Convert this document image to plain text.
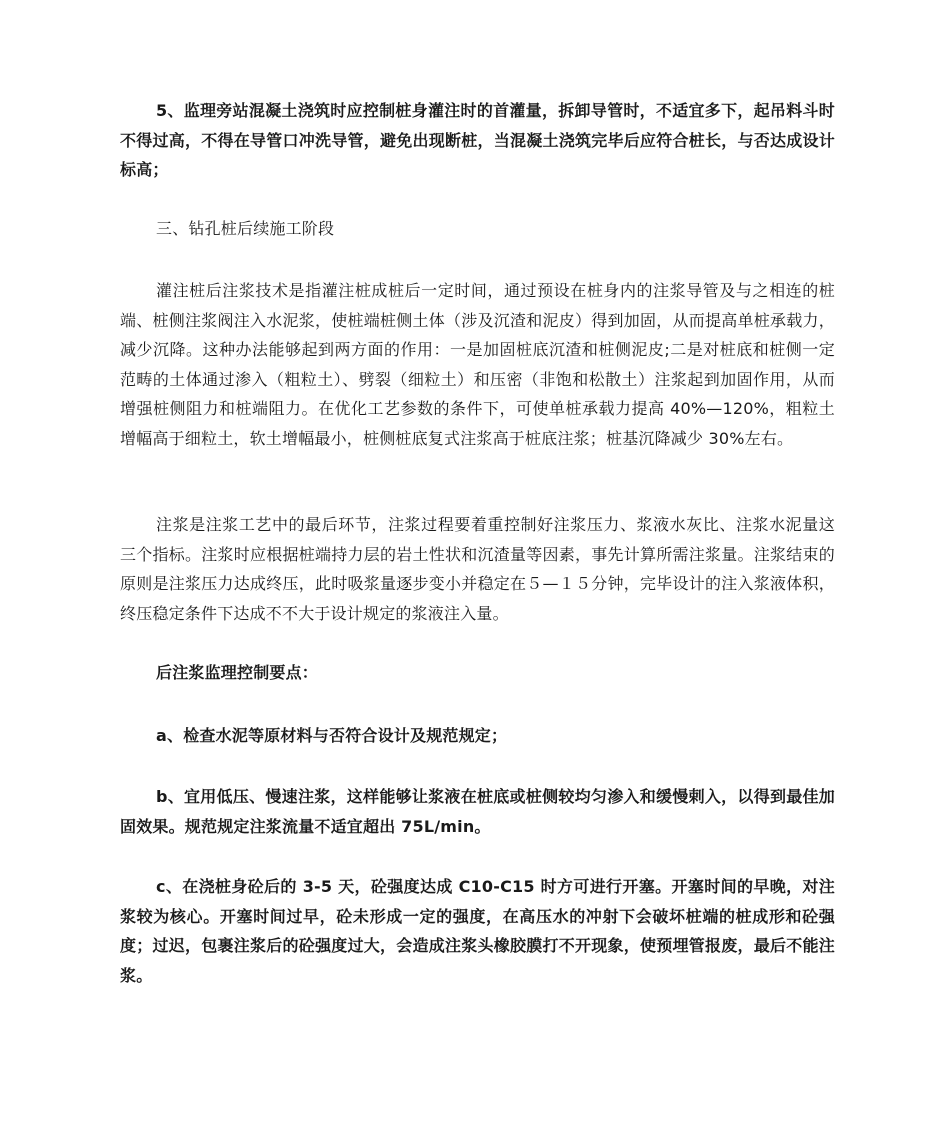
5、监理旁站混凝土浇筑时应控制桩身灌注时的首灌量，拆卸导管时，不适宜多下，起吊料斗时不得过高，不得在导管口冲洗导管，避免出现断桩，当混凝土浇筑完毕后应符合桩长，与否达成设计标高；

三、钻孔桩后续施工阶段

灌注桩后注浆技术是指灌注桩成桩后一定时间，通过预设在桩身内的注浆导管及与之相连的桩端、桩侧注浆阀注入水泥浆，使桩端桩侧土体（涉及沉渣和泥皮）得到加固，从而提高单桩承载力，减少沉降。这种办法能够起到两方面的作用：一是加固桩底沉渣和桩侧泥皮;二是对桩底和桩侧一定范畴的土体通过渗入（粗粒土）、劈裂（细粒土）和压密（非饱和松散土）注浆起到加固作用，从而增强桩侧阻力和桩端阻力。在优化工艺参数的条件下，可使单桩承载力提高 40%—120%，粗粒土增幅高于细粒土，软土增幅最小，桩侧桩底复式注浆高于桩底注浆；桩基沉降减少 30%左右。

注浆是注浆工艺中的最后环节，注浆过程要着重控制好注浆压力、浆液水灰比、注浆水泥量这三个指标。注浆时应根据桩端持力层的岩土性状和沉渣量等因素，事先计算所需注浆量。注浆结束的原则是注浆压力达成终压，此时吸浆量逐步变小并稳定在５—１５分钟，完毕设计的注入浆液体积，终压稳定条件下达成不不大于设计规定的浆液注入量。

后注浆监理控制要点：

a、检查水泥等原材料与否符合设计及规范规定；

b、宜用低压、慢速注浆，这样能够让浆液在桩底或桩侧较均匀渗入和缓慢剌入，以得到最佳加固效果。规范规定注浆流量不适宜超出 75L/min。

c、在浇桩身砼后的 3-5 天，砼强度达成 C10-C15 时方可进行开塞。开塞时间的早晚，对注浆较为核心。开塞时间过早，砼未形成一定的强度，在高压水的冲射下会破坏桩端的桩成形和砼强度；过迟，包裹注浆后的砼强度过大，会造成注浆头橡胶膜打不开现象，使预埋管报废，最后不能注浆。
